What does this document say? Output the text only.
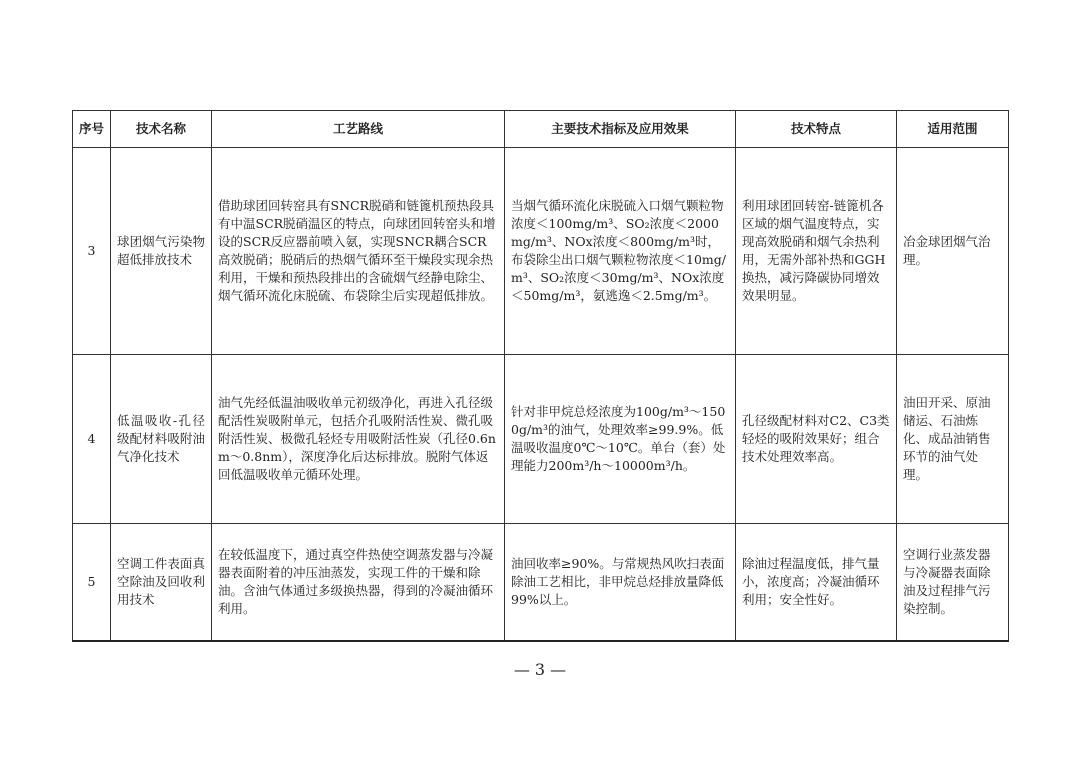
序号	技术名称	工艺路线	主要技术指标及应用效果	技术特点	适用范围
3	球团烟气污染物超低排放技术	借助球团回转窑具有SNCR脱硝和链篦机预热段具有中温SCR脱硝温区的特点，向球团回转窑头和增设的SCR反应器前喷入氨，实现SNCR耦合SCR高效脱硝；脱硝后的热烟气循环至干燥段实现余热利用，干燥和预热段排出的含硫烟气经静电除尘、烟气循环流化床脱硫、布袋除尘后实现超低排放。	当烟气循环流化床脱硫入口烟气颗粒物浓度＜100mg/m³、SO₂浓度＜2000mg/m³、NOx浓度＜800mg/m³时，布袋除尘出口烟气颗粒物浓度＜10mg/m³、SO₂浓度＜30mg/m³、NOx浓度＜50mg/m³，氨逃逸＜2.5mg/m³。	利用球团回转窑-链篦机各区域的烟气温度特点，实现高效脱硝和烟气余热利用，无需外部补热和GGH换热，减污降碳协同增效效果明显。	冶金球团烟气治理。
4	低温吸收-孔径级配材料吸附油气净化技术	油气先经低温油吸收单元初级净化，再进入孔径级配活性炭吸附单元，包括介孔吸附活性炭、微孔吸附活性炭、极微孔轻烃专用吸附活性炭（孔径0.6nm～0.8nm），深度净化后达标排放。脱附气体返回低温吸收单元循环处理。	针对非甲烷总烃浓度为100g/m³～1500g/m³的油气，处理效率≥99.9%。低温吸收温度0℃～10℃。单台（套）处理能力200m³/h～10000m³/h。	孔径级配材料对C2、C3类轻烃的吸附效果好；组合技术处理效率高。	油田开采、原油储运、石油炼化、成品油销售环节的油气处理。
5	空调工件表面真空除油及回收利用技术	在较低温度下，通过真空件热使空调蒸发器与冷凝器表面附着的冲压油蒸发，实现工件的干燥和除油。含油气体通过多级换热器，得到的冷凝油循环利用。	油回收率≥90%。与常规热风吹扫表面除油工艺相比，非甲烷总烃排放量降低99%以上。	除油过程温度低，排气量小，浓度高；冷凝油循环利用；安全性好。	空调行业蒸发器与冷凝器表面除油及过程排气污染控制。
— 3 —
